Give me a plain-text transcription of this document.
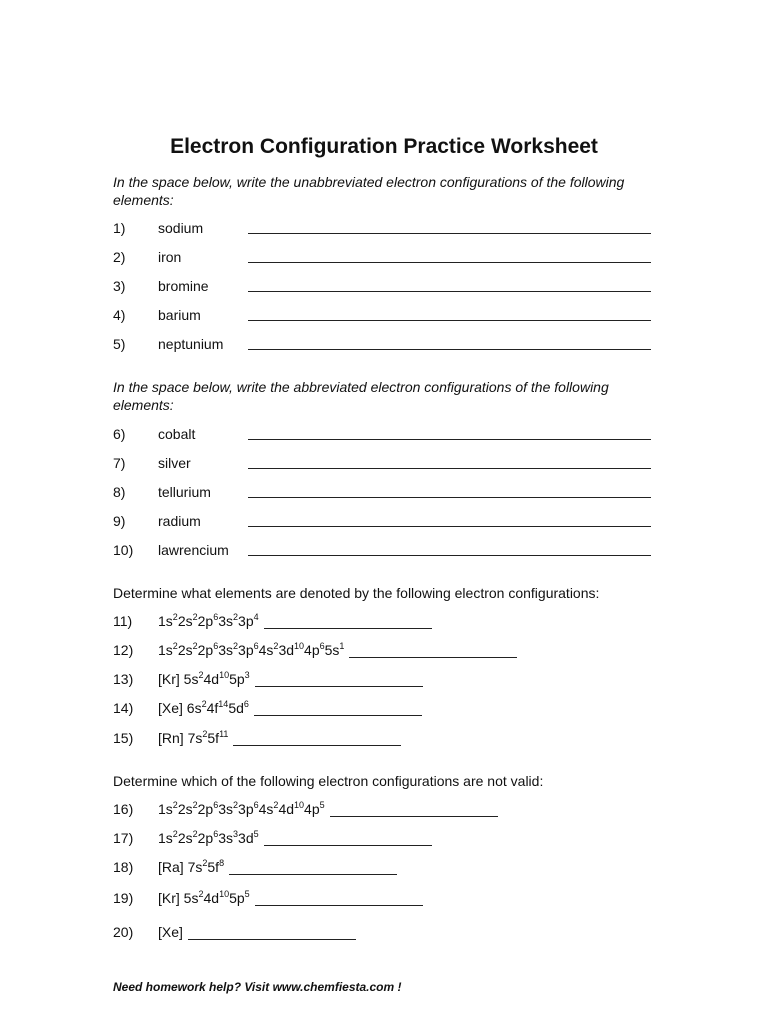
Electron Configuration Practice Worksheet

In the space below, write the unabbreviated electron configurations of the following elements:

1) sodium
2) iron
3) bromine
4) barium
5) neptunium

In the space below, write the abbreviated electron configurations of the following elements:

6) cobalt
7) silver
8) tellurium
9) radium
10) lawrencium

Determine what elements are denoted by the following electron configurations:

11) $1s^22s^22p^63s^23p^4$
12) $1s^22s^22p^63s^23p^64s^23d^{10}4p^65s^1$
13) [Kr] $5s^24d^{10}5p^3$
14) [Xe] $6s^24f^{14}5d^6$
15) [Rn] $7s^25f^{11}$

Determine which of the following electron configurations are not valid:

16) $1s^22s^22p^63s^23p^64s^24d^{10}4p^5$
17) $1s^22s^22p^63s^33d^5$
18) [Ra] $7s^25f^8$
19) [Kr] $5s^24d^{10}5p^5$
20) [Xe]

Need homework help? Visit www.chemfiesta.com !
